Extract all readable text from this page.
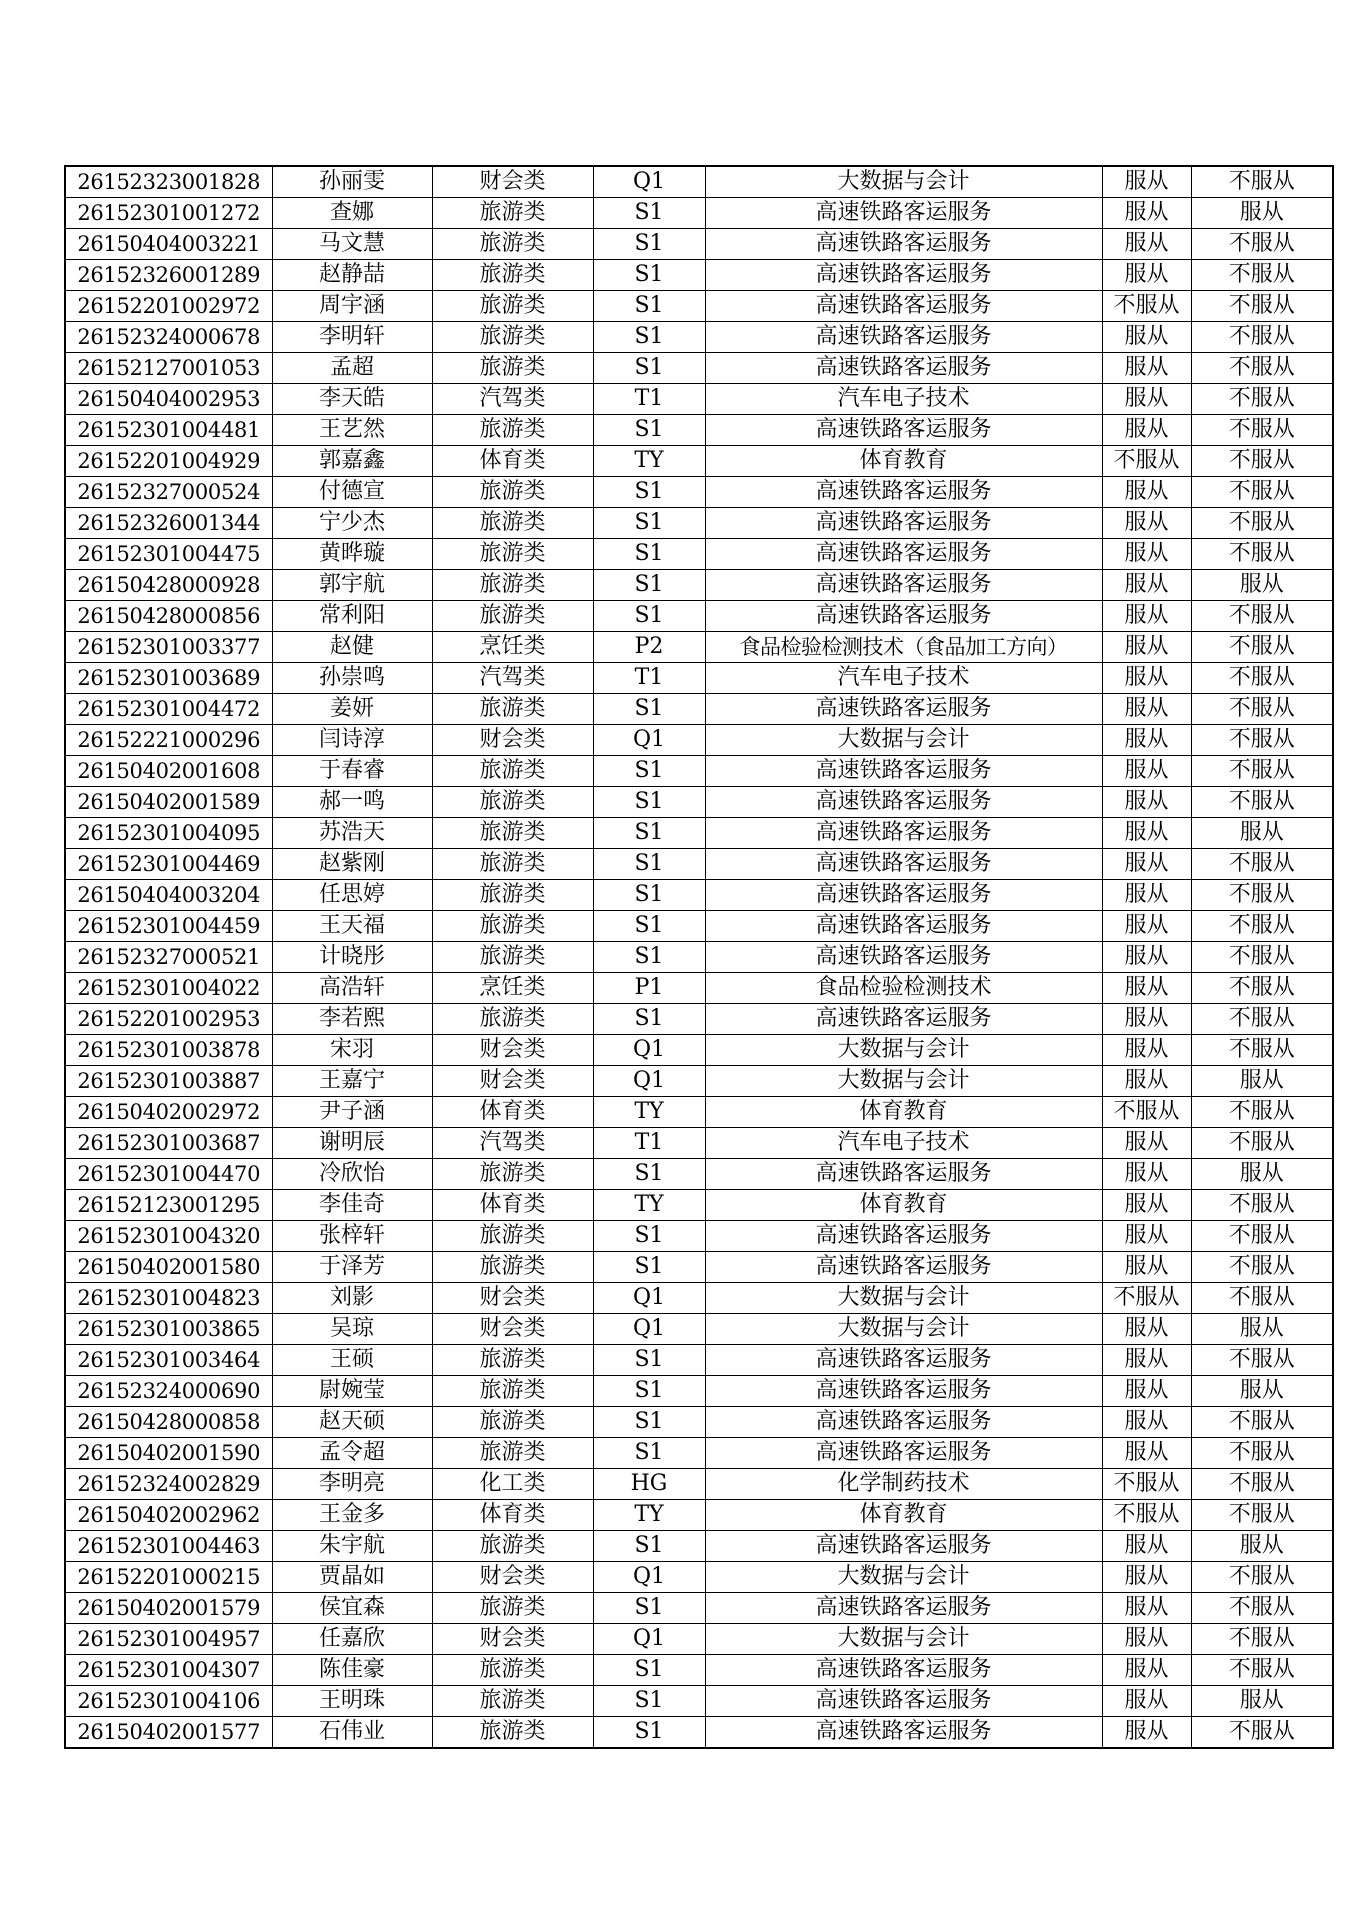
26152323001828	孙丽雯	财会类	Q1	大数据与会计	服从	不服从
26152301001272	查娜	旅游类	S1	高速铁路客运服务	服从	服从
26150404003221	马文慧	旅游类	S1	高速铁路客运服务	服从	不服从
26152326001289	赵静喆	旅游类	S1	高速铁路客运服务	服从	不服从
26152201002972	周宇涵	旅游类	S1	高速铁路客运服务	不服从	不服从
26152324000678	李明轩	旅游类	S1	高速铁路客运服务	服从	不服从
26152127001053	孟超	旅游类	S1	高速铁路客运服务	服从	不服从
26150404002953	李天皓	汽驾类	T1	汽车电子技术	服从	不服从
26152301004481	王艺然	旅游类	S1	高速铁路客运服务	服从	不服从
26152201004929	郭嘉鑫	体育类	TY	体育教育	不服从	不服从
26152327000524	付德宣	旅游类	S1	高速铁路客运服务	服从	不服从
26152326001344	宁少杰	旅游类	S1	高速铁路客运服务	服从	不服从
26152301004475	黄晔璇	旅游类	S1	高速铁路客运服务	服从	不服从
26150428000928	郭宇航	旅游类	S1	高速铁路客运服务	服从	服从
26150428000856	常利阳	旅游类	S1	高速铁路客运服务	服从	不服从
26152301003377	赵健	烹饪类	P2	食品检验检测技术（食品加工方向）	服从	不服从
26152301003689	孙崇鸣	汽驾类	T1	汽车电子技术	服从	不服从
26152301004472	姜妍	旅游类	S1	高速铁路客运服务	服从	不服从
26152221000296	闫诗淳	财会类	Q1	大数据与会计	服从	不服从
26150402001608	于春睿	旅游类	S1	高速铁路客运服务	服从	不服从
26150402001589	郝一鸣	旅游类	S1	高速铁路客运服务	服从	不服从
26152301004095	苏浩天	旅游类	S1	高速铁路客运服务	服从	服从
26152301004469	赵紫刚	旅游类	S1	高速铁路客运服务	服从	不服从
26150404003204	任思婷	旅游类	S1	高速铁路客运服务	服从	不服从
26152301004459	王天福	旅游类	S1	高速铁路客运服务	服从	不服从
26152327000521	计晓彤	旅游类	S1	高速铁路客运服务	服从	不服从
26152301004022	高浩轩	烹饪类	P1	食品检验检测技术	服从	不服从
26152201002953	李若熙	旅游类	S1	高速铁路客运服务	服从	不服从
26152301003878	宋羽	财会类	Q1	大数据与会计	服从	不服从
26152301003887	王嘉宁	财会类	Q1	大数据与会计	服从	服从
26150402002972	尹子涵	体育类	TY	体育教育	不服从	不服从
26152301003687	谢明辰	汽驾类	T1	汽车电子技术	服从	不服从
26152301004470	冷欣怡	旅游类	S1	高速铁路客运服务	服从	服从
26152123001295	李佳奇	体育类	TY	体育教育	服从	不服从
26152301004320	张梓轩	旅游类	S1	高速铁路客运服务	服从	不服从
26150402001580	于泽芳	旅游类	S1	高速铁路客运服务	服从	不服从
26152301004823	刘影	财会类	Q1	大数据与会计	不服从	不服从
26152301003865	吴琼	财会类	Q1	大数据与会计	服从	服从
26152301003464	王硕	旅游类	S1	高速铁路客运服务	服从	不服从
26152324000690	尉婉莹	旅游类	S1	高速铁路客运服务	服从	服从
26150428000858	赵天硕	旅游类	S1	高速铁路客运服务	服从	不服从
26150402001590	孟令超	旅游类	S1	高速铁路客运服务	服从	不服从
26152324002829	李明亮	化工类	HG	化学制药技术	不服从	不服从
26150402002962	王金多	体育类	TY	体育教育	不服从	不服从
26152301004463	朱宇航	旅游类	S1	高速铁路客运服务	服从	服从
26152201000215	贾晶如	财会类	Q1	大数据与会计	服从	不服从
26150402001579	侯宜森	旅游类	S1	高速铁路客运服务	服从	不服从
26152301004957	任嘉欣	财会类	Q1	大数据与会计	服从	不服从
26152301004307	陈佳豪	旅游类	S1	高速铁路客运服务	服从	不服从
26152301004106	王明珠	旅游类	S1	高速铁路客运服务	服从	服从
26150402001577	石伟业	旅游类	S1	高速铁路客运服务	服从	不服从
